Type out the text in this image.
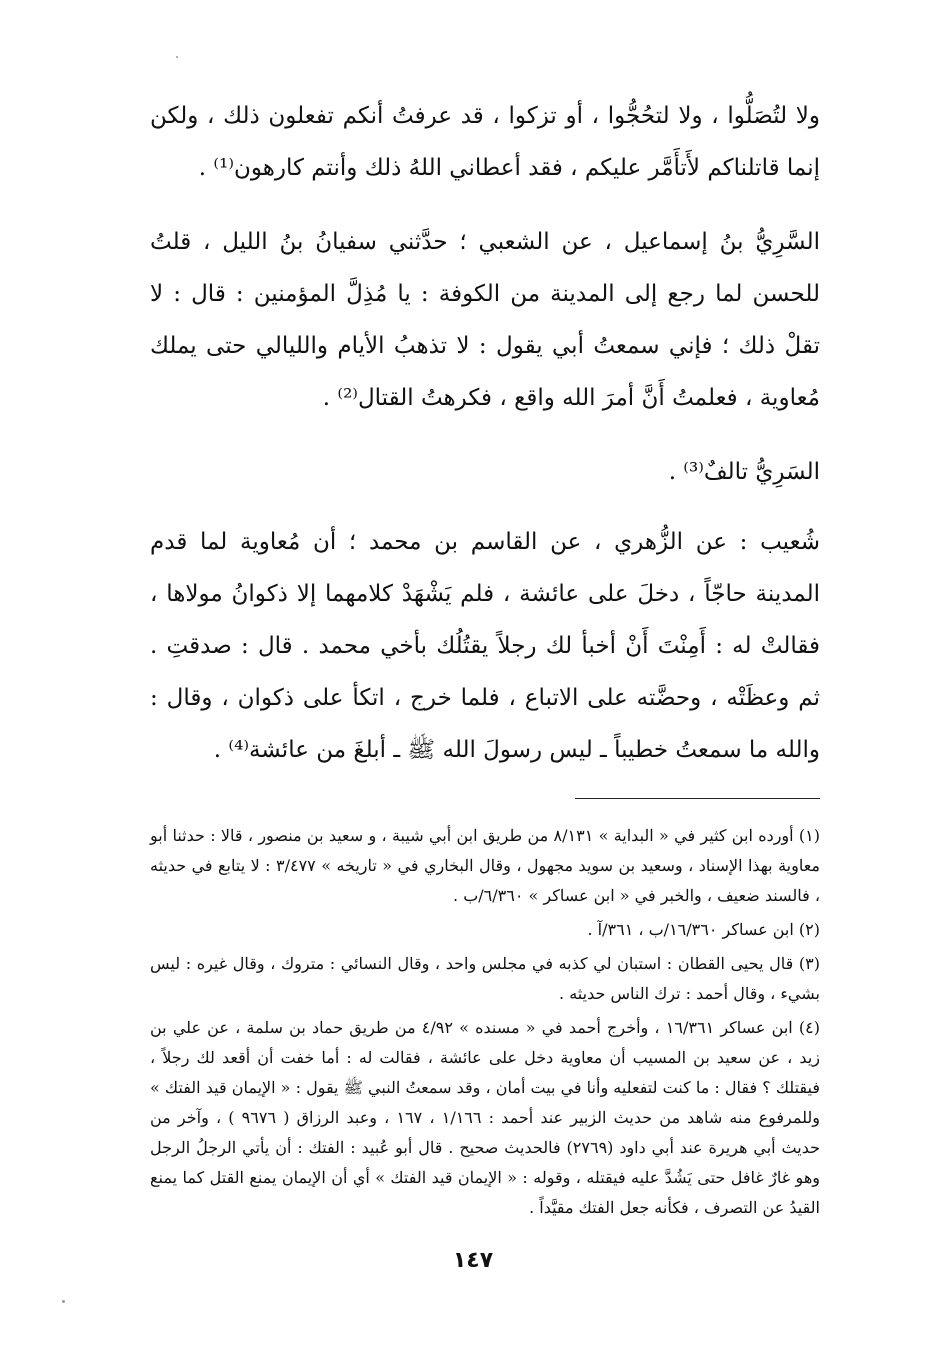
ولا لتُصَلُّوا ، ولا لتحُجُّوا ، أو تزكوا ، قد عرفتُ أنكم تفعلون ذلك ، ولكن إنما قاتلناكم لأَتأَمَّر عليكم ، فقد أعطاني اللهُ ذلك وأنتم كارهون⁽¹⁾ .

السَّرِيُّ بنُ إسماعيل ، عن الشعبي ؛ حدَّثني سفيانُ بنُ الليل ، قلتُ للحسن لما رجع إلى المدينة من الكوفة : يا مُذِلَّ المؤمنين : قال : لا تقلْ ذلك ؛ فإني سمعتُ أبي يقول : لا تذهبُ الأيام والليالي حتى يملك مُعاوية ، فعلمتُ أَنَّ أمرَ الله واقع ، فكرهتُ القتال⁽²⁾ .

السَرِيُّ تالفٌ⁽³⁾ .

شُعيب : عن الزُّهري ، عن القاسم بن محمد ؛ أن مُعاوية لما قدم المدينة حاجّاً ، دخلَ على عائشة ، فلم يَشْهَدْ كلامهما إلا ذكوانُ مولاها ، فقالتْ له : أَمِنْتَ أَنْ أخبأ لك رجلاً يقتُلُك بأخي محمد . قال : صدقتِ . ثم وعظَتْه ، وحضَّته على الاتباع ، فلما خرج ، اتكأ على ذكوان ، وقال : والله ما سمعتُ خطيباً ـ ليس رسولَ الله ﷺ ـ أبلغَ من عائشة⁽⁴⁾ .

(١) أورده ابن كثير في « البداية » ٨/١٣١ من طريق ابن أبي شيبة ، و سعيد بن منصور ، قالا : حدثنا أبو معاوية بهذا الإسناد ، وسعيد بن سويد مجهول ، وقال البخاري في « تاريخه » ٣/٤٧٧ : لا يتابع في حديثه ، فالسند ضعيف ، والخبر في « ابن عساكر » ٦/٣٦٠/ب .

(٢) ابن عساكر ١٦/٣٦٠/ب ، ٣٦١/آ .

(٣) قال يحيى القطان : استبان لي كذبه في مجلس واحد ، وقال النسائي : متروك ، وقال غيره : ليس بشيء ، وقال أحمد : ترك الناس حديثه .

(٤) ابن عساكر ١٦/٣٦١ ، وأخرج أحمد في « مسنده » ٤/٩٢ من طريق حماد بن سلمة ، عن علي بن زيد ، عن سعيد بن المسيب أن معاوية دخل على عائشة ، فقالت له : أما خفت أن أقعد لك رجلاً ، فيقتلك ؟ فقال : ما كنت لتفعليه وأنا في بيت أمان ، وقد سمعتُ النبي ﷺ يقول : « الإيمان قيد الفتك » وللمرفوع منه شاهد من حديث الزبير عند أحمد : ١/١٦٦ ، ١٦٧ ، وعبد الرزاق ( ٩٦٧٦ ) ، وآخر من حديث أبي هريرة عند أبي داود (٢٧٦٩) فالحديث صحيح . قال أبو عُبيد : الفتك : أن يأتي الرجلُ الرجل وهو غارٌ غافل حتى يَشُدَّ عليه فيقتله ، وقوله : « الإيمان قيد الفتك » أي أن الإيمان يمنع القتل كما يمنع القيدُ عن التصرف ، فكأنه جعل الفتك مقيَّداً .

١٤٧
